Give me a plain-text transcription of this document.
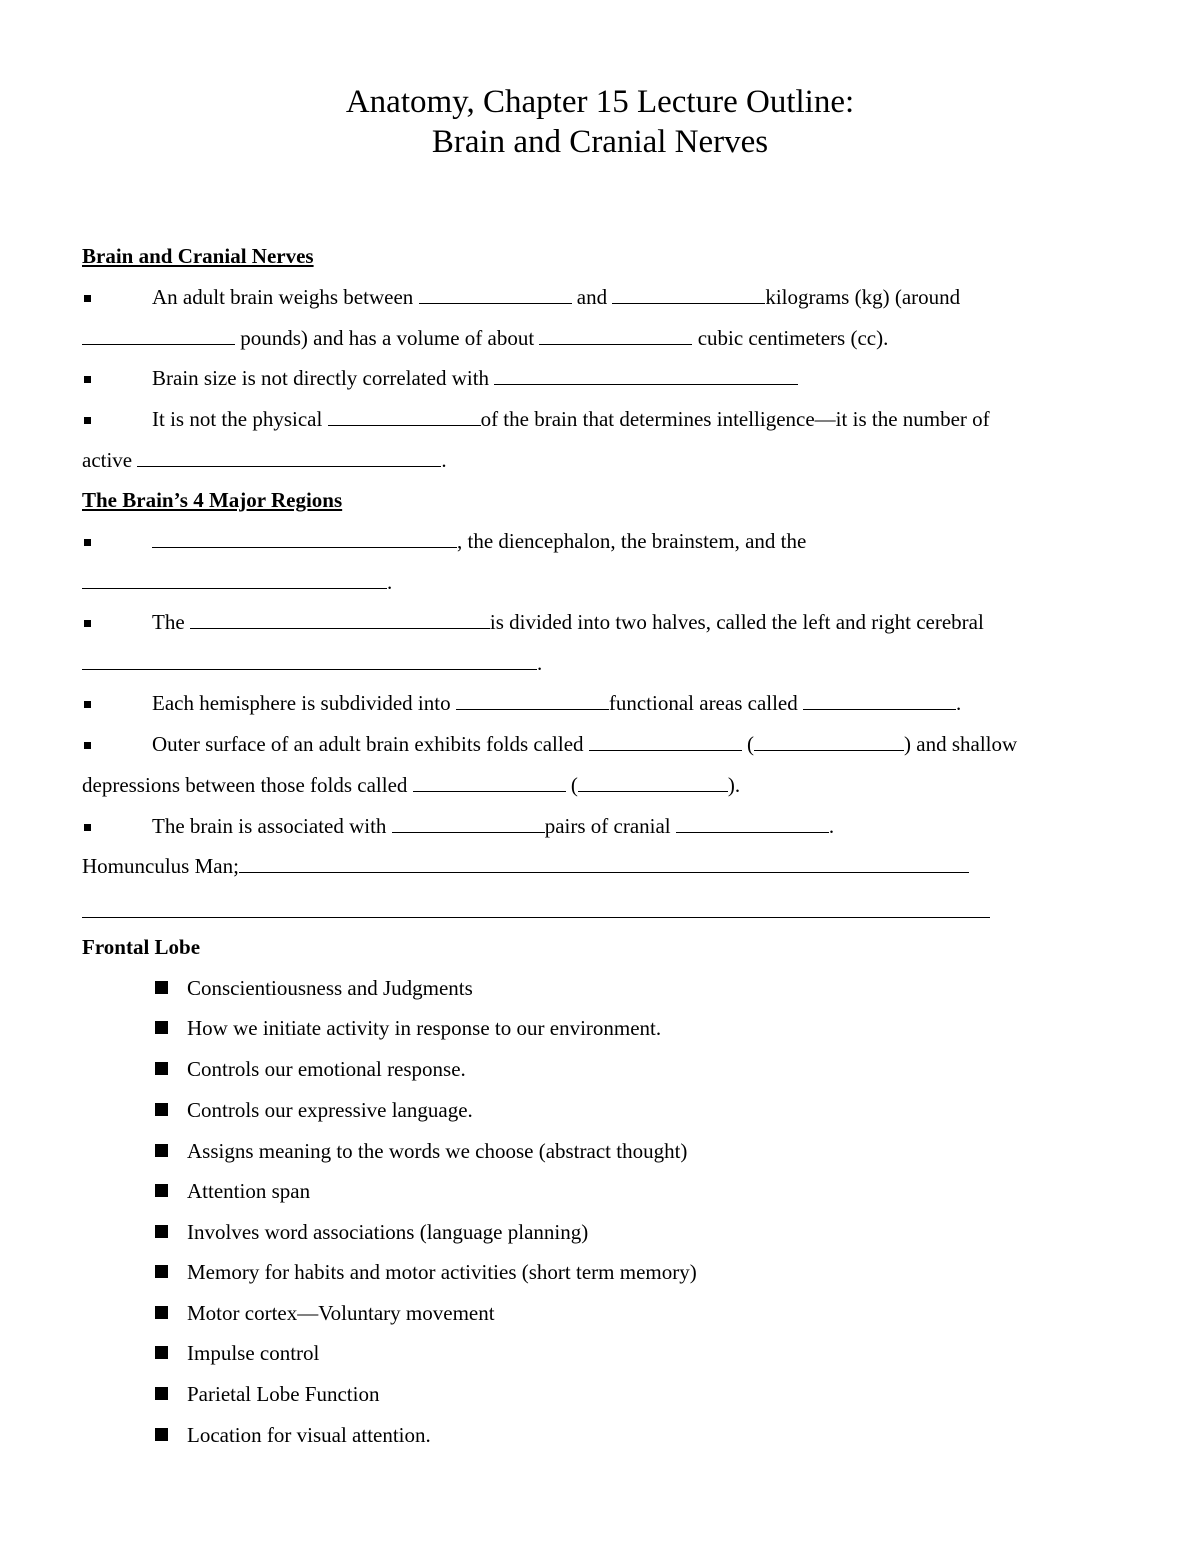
Anatomy, Chapter 15 Lecture Outline:
Brain and Cranial Nerves
Brain and Cranial Nerves
An adult brain weighs between	and	kilograms (kg) (around
pounds) and has a volume of about	cubic centimeters (cc).
Brain size is not directly correlated with
It is not the physical	of the brain that determines intelligence—it is the number of
active	.
The Brain’s 4 Major Regions
, the diencephalon, the brainstem, and the
.
The	is divided into two halves, called the left and right cerebral
.
Each hemisphere is subdivided into	functional areas called	.
Outer surface of an adult brain exhibits folds called	(	) and shallow
depressions between those folds called	(	).
The brain is associated with	pairs of cranial	.
Homunculus Man;
Frontal Lobe
Conscientiousness and Judgments
How we initiate activity in response to our environment.
Controls our emotional response.
Controls our expressive language.
Assigns meaning to the words we choose (abstract thought)
Attention span
Involves word associations (language planning)
Memory for habits and motor activities (short term memory)
Motor cortex—Voluntary movement
Impulse control
Parietal Lobe Function
Location for visual attention.
